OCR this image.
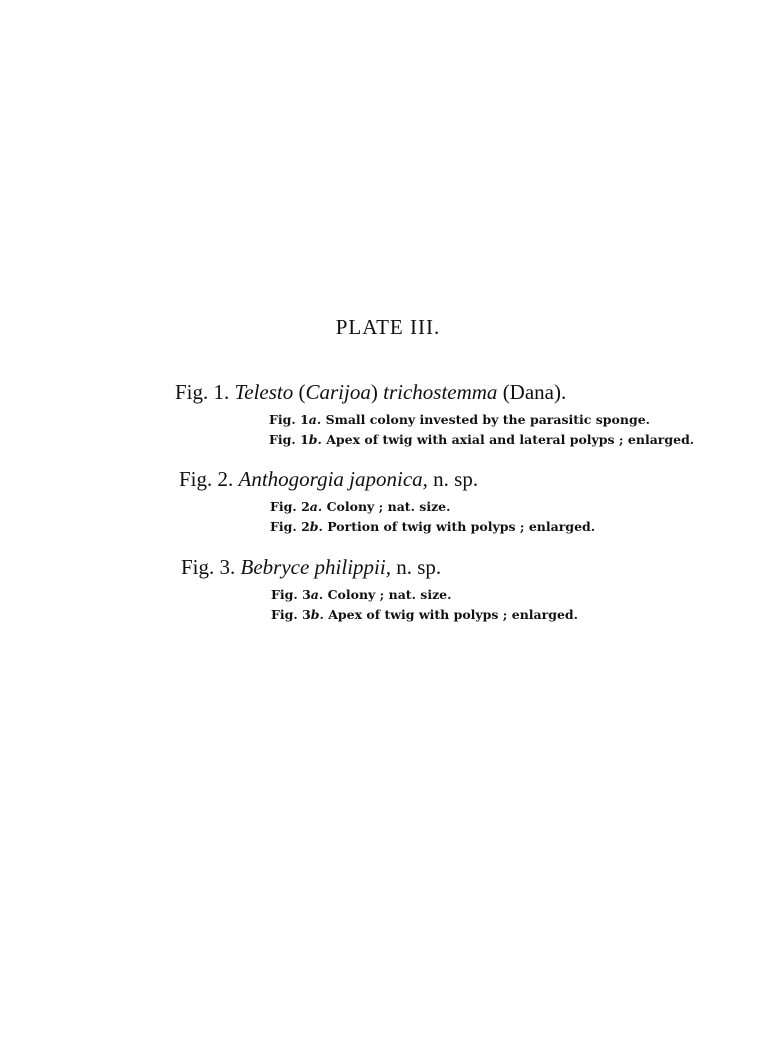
PLATE III.
Fig. 1. Telesto (Carijoa) trichostemma (Dana).
Fig. 1a. Small colony invested by the parasitic sponge.
Fig. 1b. Apex of twig with axial and lateral polyps ; enlarged.
Fig. 2. Anthogorgia japonica, n. sp.
Fig. 2a. Colony ; nat. size.
Fig. 2b. Portion of twig with polyps ; enlarged.
Fig. 3. Bebryce philippii, n. sp.
Fig. 3a. Colony ; nat. size.
Fig. 3b. Apex of twig with polyps ; enlarged.
